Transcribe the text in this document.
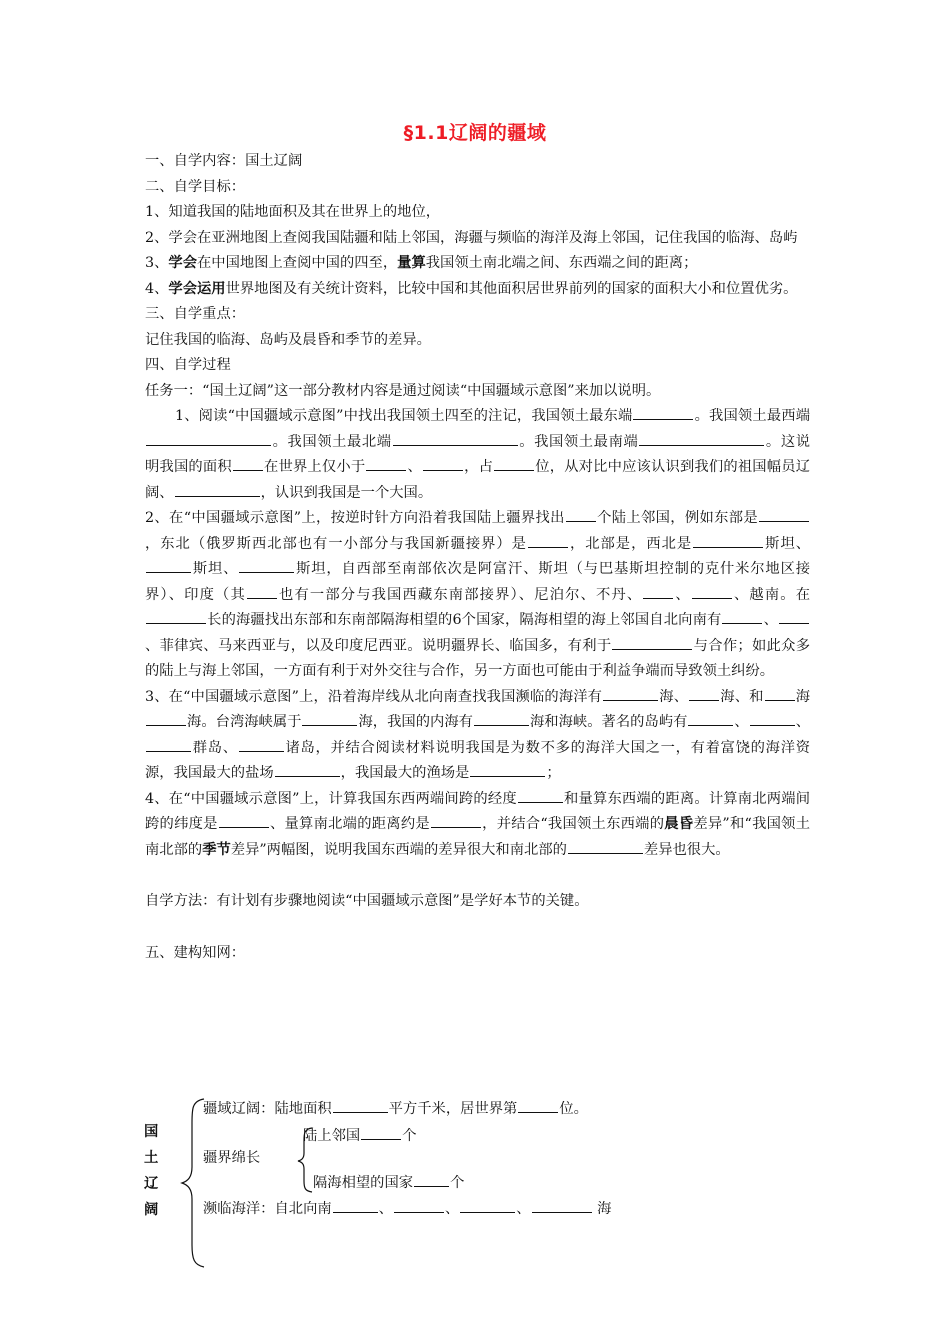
§1.1辽阔的疆域

一、自学内容：国土辽阔

二、自学目标：

1、知道我国的陆地面积及其在世界上的地位，

2、学会在亚洲地图上查阅我国陆疆和陆上邻国，海疆与频临的海洋及海上邻国，记住我国的临海、岛屿

3、学会在中国地图上查阅中国的四至，量算我国领土南北端之间、东西端之间的距离；

4、学会运用世界地图及有关统计资料，比较中国和其他面积居世界前列的国家的面积大小和位置优劣。

三、自学重点：

记住我国的临海、岛屿及晨昏和季节的差异。

四、自学过程

任务一：“国土辽阔”这一部分教材内容是通过阅读“中国疆域示意图”来加以说明。

1、阅读“中国疆域示意图”中找出我国领土四至的注记，我国领土最东端	。我国领土最西端。我国领土最北端	。我国领土最南端	。这说明我国的面积 在世界上仅小于	、	，占	位，从对比中应该认识到我们的祖国幅员辽阔、	，认识到我国是一个大国。

2、在“中国疆域示意图”上，按逆时针方向沿着我国陆上疆界找出 个陆上邻国，例如东部是，东北（俄罗斯西北部也有一小部分与我国新疆接界）是	，北部是，西北是	斯坦、斯坦、	斯坦，自西部至南部依次是阿富汗、斯坦（与巴基斯坦控制的克什米尔地区接界）、印度（其 也有一部分与我国西藏东南部接界）、尼泊尔、不丹、 、	、越南。在长的海疆找出东部和东南部隔海相望的6个国家，隔海相望的海上邻国自北向南有	、、菲律宾、马来西亚与，以及印度尼西亚。说明疆界长、临国多，有利于	与合作；如此众多的陆上与海上邻国，一方面有利于对外交往与合作，另一方面也可能由于利益争端而导致领土纠纷。

3、在“中国疆域示意图”上，沿着海岸线从北向南查找我国濒临的海洋有	海、 海、和 海海。台湾海峡属于	海，我国的内海有	海和海峡。著名的岛屿有	、	、群岛、	诸岛，并结合阅读材料说明我国是为数不多的海洋大国之一，有着富饶的海洋资源，我国最大的盐场	，我国最大的渔场是	；

4、在“中国疆域示意图”上，计算我国东西两端间跨的经度	和量算东西端的距离。计算南北两端间跨的纬度是	、量算南北端的距离约是	，并结合“我国领土东西端的晨昏差异”和“我国领土南北部的季节差异”两幅图，说明我国东西端的差异很大和南北部的	差异也很大。

自学方法：有计划有步骤地阅读“中国疆域示意图”是学好本节的关键。

五、建构知网：

国
土
辽
阔
疆域辽阔：陆地面积	平方千米，居世界第	位。
陆上邻国	个
疆界绵长
隔海相望的国家	个
濒临海洋：自北向南	、	、	、	海
